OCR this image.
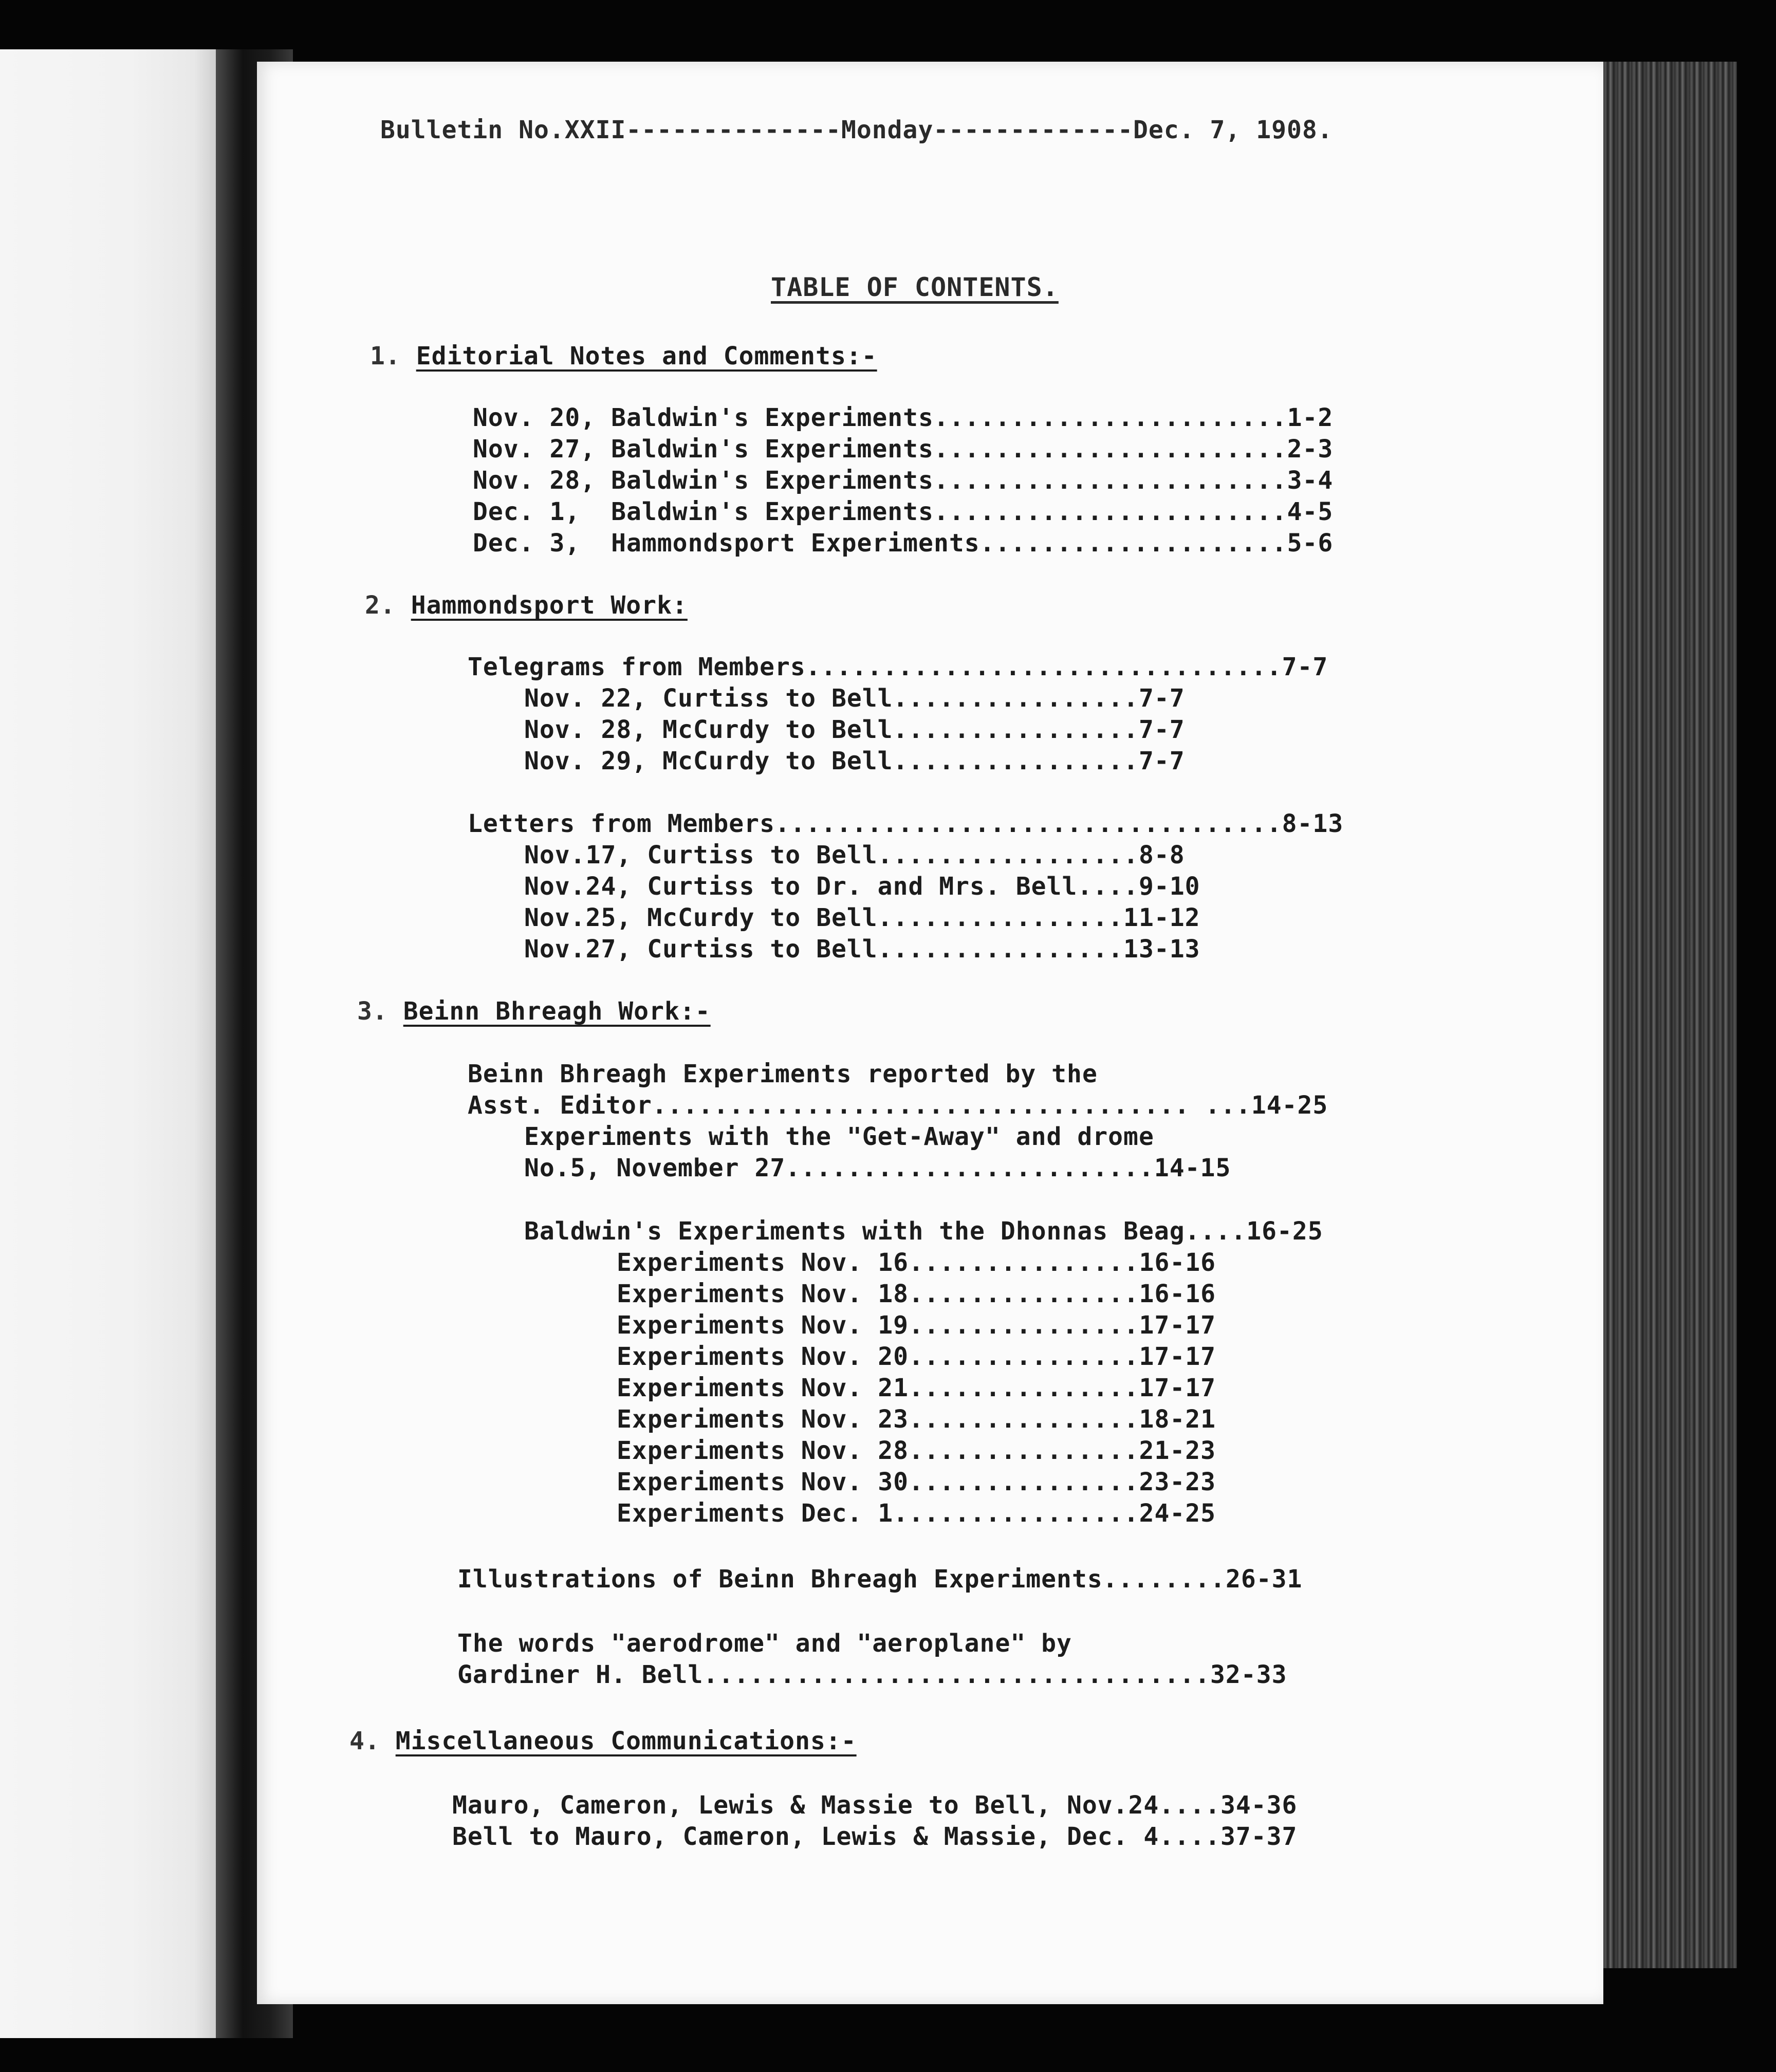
Bulletin No.XXII--------------Monday-------------Dec. 7, 1908.
TABLE OF CONTENTS.
1. Editorial Notes and Comments:-
Nov. 20, Baldwin's Experiments.......................1-2
Nov. 27, Baldwin's Experiments.......................2-3
Nov. 28, Baldwin's Experiments.......................3-4
Dec. 1,  Baldwin's Experiments.......................4-5
Dec. 3,  Hammondsport Experiments....................5-6
2. Hammondsport Work:
Telegrams from Members...............................7-7
Nov. 22, Curtiss to Bell................7-7
Nov. 28, McCurdy to Bell................7-7
Nov. 29, McCurdy to Bell................7-7
Letters from Members.................................8-13
Nov.17, Curtiss to Bell.................8-8
Nov.24, Curtiss to Dr. and Mrs. Bell....9-10
Nov.25, McCurdy to Bell................11-12
Nov.27, Curtiss to Bell................13-13
3. Beinn Bhreagh Work:-
Beinn Bhreagh Experiments reported by the
Asst. Editor................................... ...14-25
Experiments with the "Get-Away" and drome
No.5, November 27........................14-15
Baldwin's Experiments with the Dhonnas Beag....16-25
Experiments Nov. 16...............16-16
Experiments Nov. 18...............16-16
Experiments Nov. 19...............17-17
Experiments Nov. 20...............17-17
Experiments Nov. 21...............17-17
Experiments Nov. 23...............18-21
Experiments Nov. 28...............21-23
Experiments Nov. 30...............23-23
Experiments Dec. 1................24-25
Illustrations of Beinn Bhreagh Experiments........26-31
The words "aerodrome" and "aeroplane" by
Gardiner H. Bell.................................32-33
4. Miscellaneous Communications:-
Mauro, Cameron, Lewis & Massie to Bell, Nov.24....34-36
Bell to Mauro, Cameron, Lewis & Massie, Dec. 4....37-37
